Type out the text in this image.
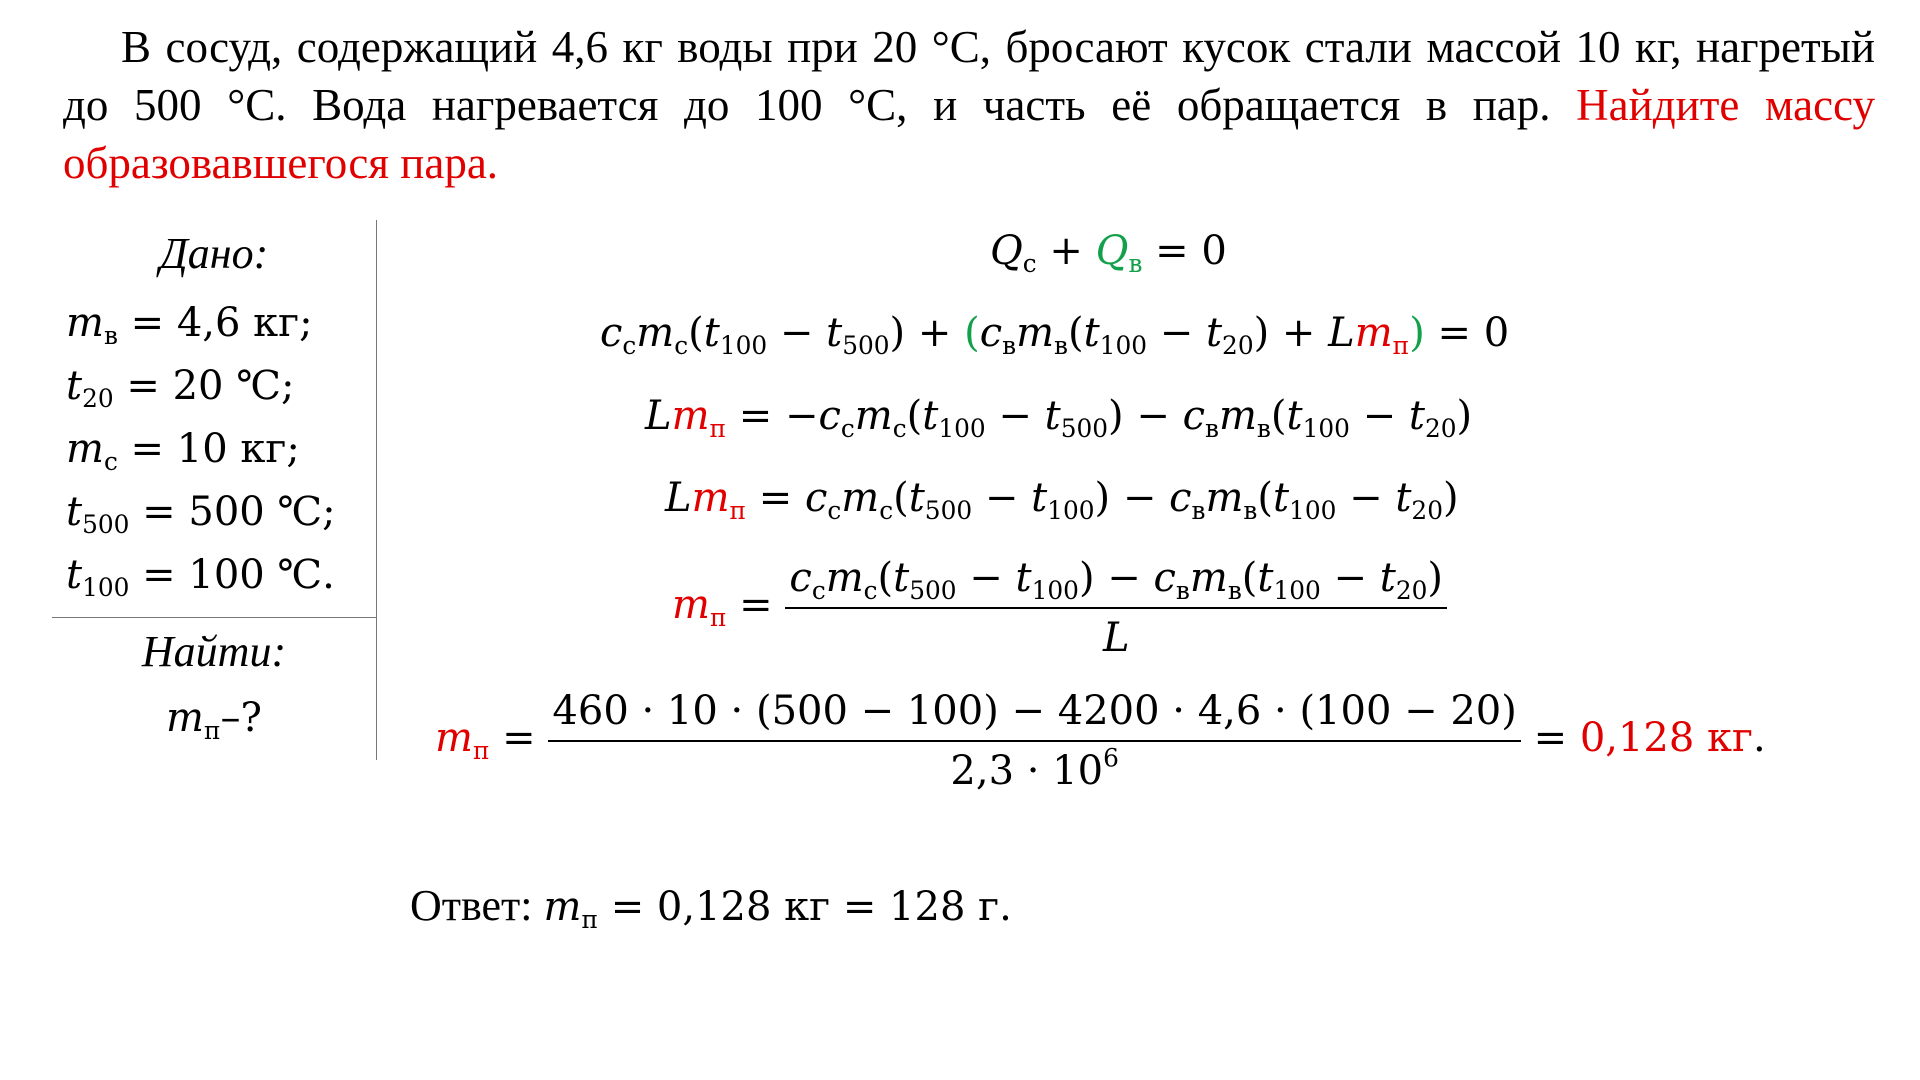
В сосуд, содержащий 4,6 кг воды при 20 °С, бросают кусок стали массой 10 кг, нагретый до 500 °С. Вода нагревается до 100 °С, и часть её обращается в пар. Найдите массу образовавшегося пара.
Дано:
$m_в = 4,6$ кг;
$t_{20} = 20$ ℃;
$m_с = 10$ кг;
$t_{500} = 500$ ℃;
$t_{100} = 100$ ℃.
Найти:
$m_п-$?
$Q_с + Q_в = 0$
$c_сm_с(t_{100} - t_{500}) + (c_вm_в(t_{100} - t_{20}) + Lm_п) = 0$
$Lm_п = -c_сm_с(t_{100} - t_{500}) - c_вm_в(t_{100} - t_{20})$
$Lm_п = c_сm_с(t_{500} - t_{100}) - c_вm_в(t_{100} - t_{20})$
$m_п = \frac{c_сm_с(t_{500} - t_{100}) - c_вm_в(t_{100} - t_{20})}{L}$
$m_п = \frac{460 \cdot 10 \cdot (500 - 100) - 4200 \cdot 4,6 \cdot (100 - 20)}{2,3 \cdot 10^6} = 0,128$ кг.
Ответ: $m_п = 0,128$ кг = 128 г.
